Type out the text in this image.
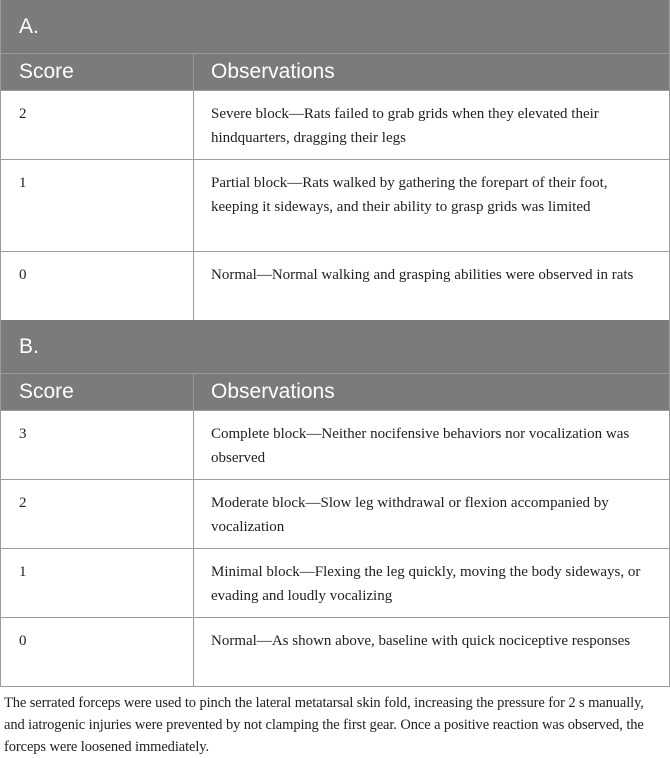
A.
Score	Observations
2	Severe block—Rats failed to grab grids when they elevated their hindquarters, dragging their legs
1	Partial block—Rats walked by gathering the forepart of their foot, keeping it sideways, and their ability to grasp grids was limited
0	Normal—Normal walking and grasping abilities were observed in rats
B.
Score	Observations
3	Complete block—Neither nocifensive behaviors nor vocalization was observed
2	Moderate block—Slow leg withdrawal or flexion accompanied by vocalization
1	Minimal block—Flexing the leg quickly, moving the body sideways, or evading and loudly vocalizing
0	Normal—As shown above, baseline with quick nociceptive responses
The serrated forceps were used to pinch the lateral metatarsal skin fold, increasing the pressure for 2 s manually, and iatrogenic injuries were prevented by not clamping the first gear. Once a positive reaction was observed, the forceps were loosened immediately.
